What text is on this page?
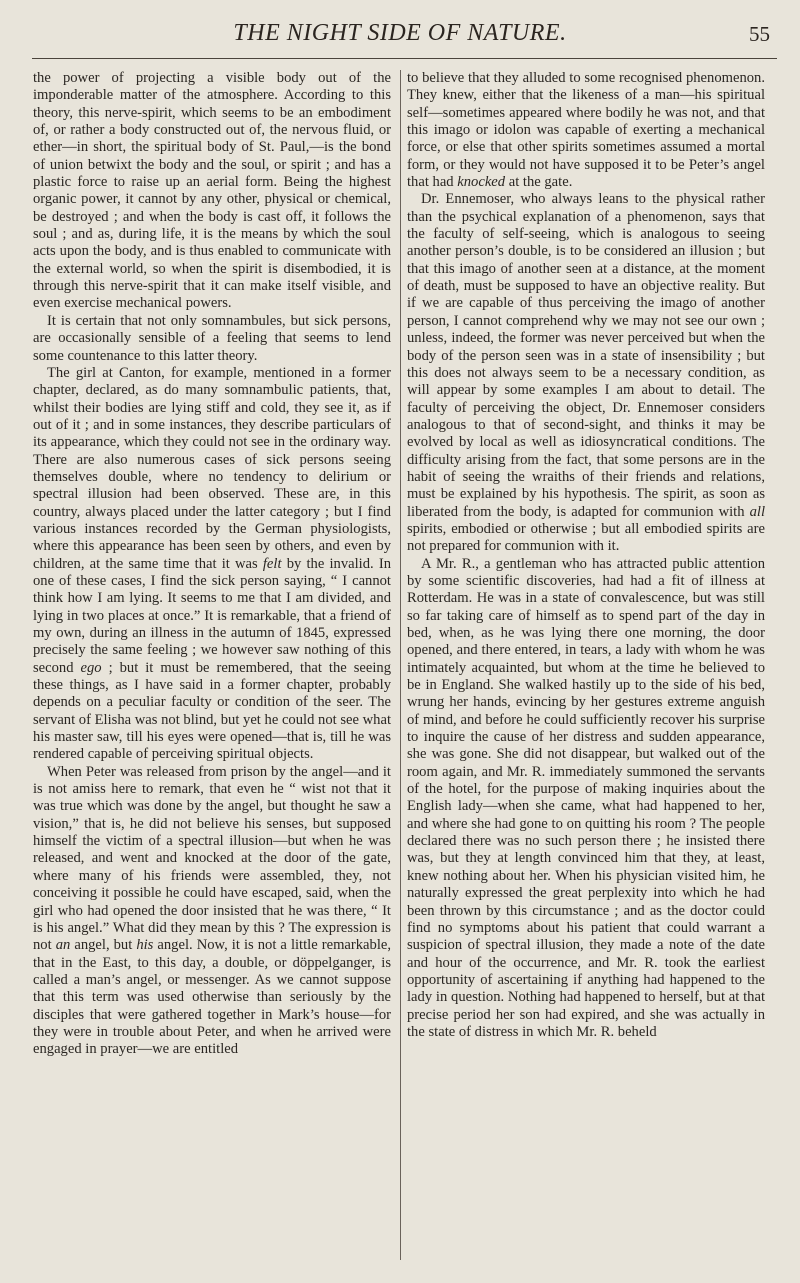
THE NIGHT SIDE OF NATURE.	55

the power of projecting a visible body out of the imponderable matter of the atmosphere. According to this theory, this nerve-spirit, which seems to be an embodiment of, or rather a body constructed out of, the nervous fluid, or ether—in short, the spiritual body of St. Paul,—is the bond of union betwixt the body and the soul, or spirit ; and has a plastic force to raise up an aerial form. Being the highest organic power, it cannot by any other, physical or chemical, be destroyed ; and when the body is cast off, it follows the soul ; and as, during life, it is the means by which the soul acts upon the body, and is thus enabled to communicate with the external world, so when the spirit is disembodied, it is through this nerve-spirit that it can make itself visible, and even exercise mechanical powers.

It is certain that not only somnambules, but sick persons, are occasionally sensible of a feeling that seems to lend some countenance to this latter theory.

The girl at Canton, for example, mentioned in a former chapter, declared, as do many somnambulic patients, that, whilst their bodies are lying stiff and cold, they see it, as if out of it ; and in some instances, they describe particulars of its appearance, which they could not see in the ordinary way. There are also numerous cases of sick persons seeing themselves double, where no tendency to delirium or spectral illusion had been observed. These are, in this country, always placed under the latter category ; but I find various instances recorded by the German physiologists, where this appearance has been seen by others, and even by children, at the same time that it was felt by the invalid. In one of these cases, I find the sick person saying, “ I cannot think how I am lying. It seems to me that I am divided, and lying in two places at once.” It is remarkable, that a friend of my own, during an illness in the autumn of 1845, expressed precisely the same feeling ; we however saw nothing of this second ego ; but it must be remembered, that the seeing these things, as I have said in a former chapter, probably depends on a peculiar faculty or condition of the seer. The servant of Elisha was not blind, but yet he could not see what his master saw, till his eyes were opened—that is, till he was rendered capable of perceiving spiritual objects.

When Peter was released from prison by the angel—and it is not amiss here to remark, that even he “ wist not that it was true which was done by the angel, but thought he saw a vision,” that is, he did not believe his senses, but supposed himself the victim of a spectral illusion—but when he was released, and went and knocked at the door of the gate, where many of his friends were assembled, they, not conceiving it possible he could have escaped, said, when the girl who had opened the door insisted that he was there, “ It is his angel.” What did they mean by this ? The expression is not an angel, but his angel. Now, it is not a little remarkable, that in the East, to this day, a double, or döppelganger, is called a man’s angel, or messenger. As we cannot suppose that this term was used otherwise than seriously by the disciples that were gathered together in Mark’s house—for they were in trouble about Peter, and when he arrived were engaged in prayer—we are entitled

to believe that they alluded to some recognised phenomenon. They knew, either that the likeness of a man—his spiritual self—sometimes appeared where bodily he was not, and that this imago or idolon was capable of exerting a mechanical force, or else that other spirits sometimes assumed a mortal form, or they would not have supposed it to be Peter’s angel that had knocked at the gate.

Dr. Ennemoser, who always leans to the physical rather than the psychical explanation of a phenomenon, says that the faculty of self-seeing, which is analogous to seeing another person’s double, is to be considered an illusion ; but that this imago of another seen at a distance, at the moment of death, must be supposed to have an objective reality. But if we are capable of thus perceiving the imago of another person, I cannot comprehend why we may not see our own ; unless, indeed, the former was never perceived but when the body of the person seen was in a state of insensibility ; but this does not always seem to be a necessary condition, as will appear by some examples I am about to detail. The faculty of perceiving the object, Dr. Ennemoser considers analogous to that of second-sight, and thinks it may be evolved by local as well as idiosyncratical conditions. The difficulty arising from the fact, that some persons are in the habit of seeing the wraiths of their friends and relations, must be explained by his hypothesis. The spirit, as soon as liberated from the body, is adapted for communion with all spirits, embodied or otherwise ; but all embodied spirits are not prepared for communion with it.

A Mr. R., a gentleman who has attracted public attention by some scientific discoveries, had had a fit of illness at Rotterdam. He was in a state of convalescence, but was still so far taking care of himself as to spend part of the day in bed, when, as he was lying there one morning, the door opened, and there entered, in tears, a lady with whom he was intimately acquainted, but whom at the time he believed to be in England. She walked hastily up to the side of his bed, wrung her hands, evincing by her gestures extreme anguish of mind, and before he could sufficiently recover his surprise to inquire the cause of her distress and sudden appearance, she was gone. She did not disappear, but walked out of the room again, and Mr. R. immediately summoned the servants of the hotel, for the purpose of making inquiries about the English lady—when she came, what had happened to her, and where she had gone to on quitting his room ? The people declared there was no such person there ; he insisted there was, but they at length convinced him that they, at least, knew nothing about her. When his physician visited him, he naturally expressed the great perplexity into which he had been thrown by this circumstance ; and as the doctor could find no symptoms about his patient that could warrant a suspicion of spectral illusion, they made a note of the date and hour of the occurrence, and Mr. R. took the earliest opportunity of ascertaining if anything had happened to the lady in question. Nothing had happened to herself, but at that precise period her son had expired, and she was actually in the state of distress in which Mr. R. beheld
